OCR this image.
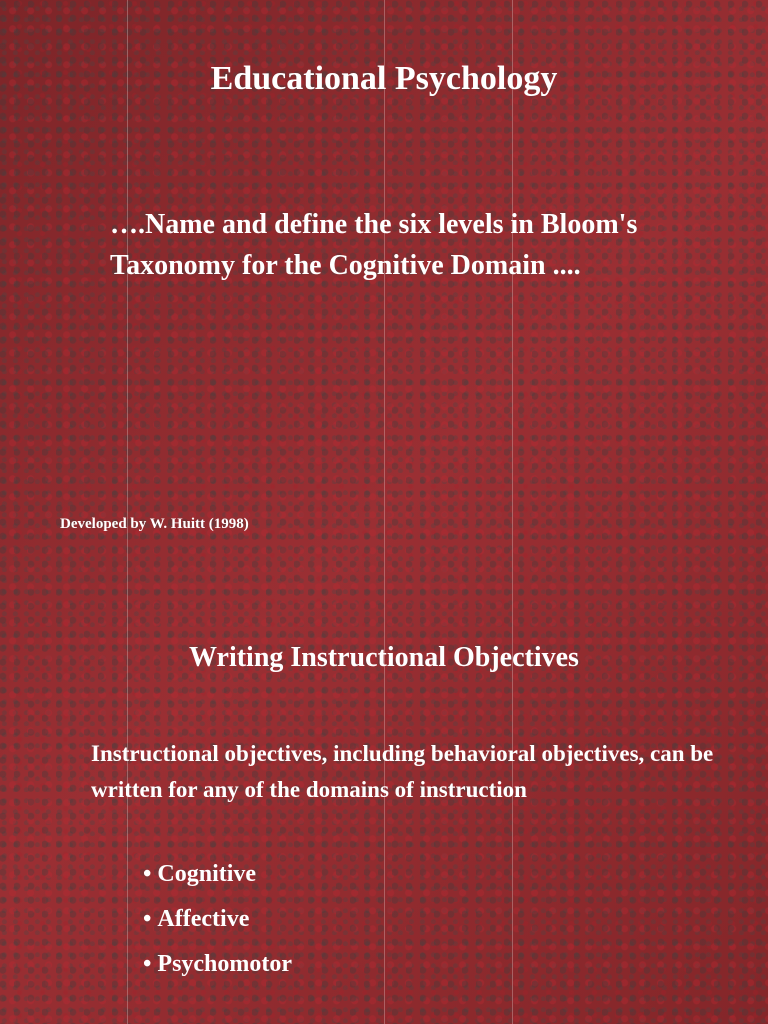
Educational Psychology

….Name and define the six levels in Bloom's Taxonomy for the Cognitive Domain ....

Developed by W. Huitt (1998)

Writing Instructional Objectives

Instructional objectives, including behavioral objectives, can be written for any of the domains of instruction

• Cognitive
• Affective
• Psychomotor
